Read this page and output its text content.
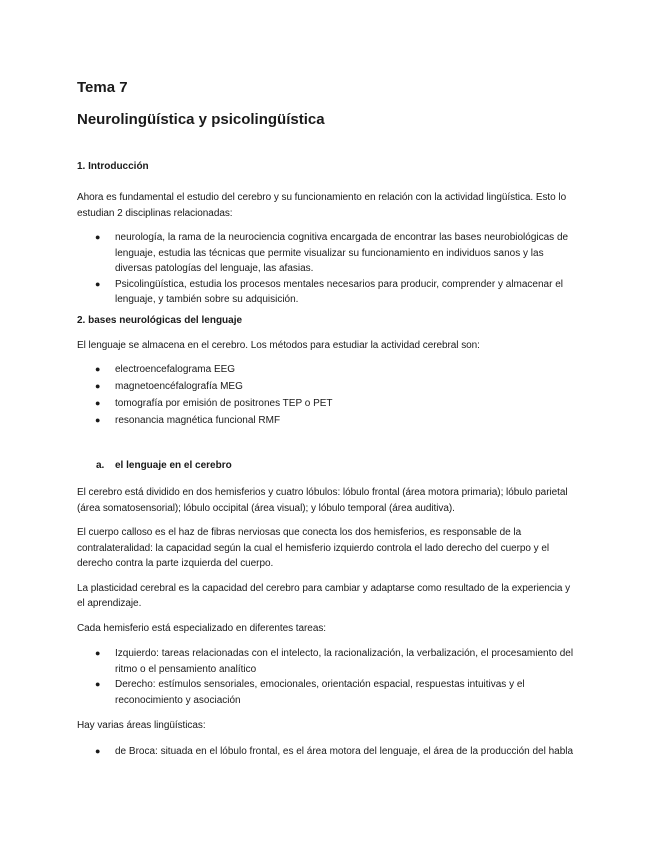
Tema 7
Neurolingüística y psicolingüística
1. Introducción

Ahora es fundamental el estudio del cerebro y su funcionamiento en relación con la actividad lingüística. Esto lo estudian 2 disciplinas relacionadas:

● neurología, la rama de la neurociencia cognitiva encargada de encontrar las bases neurobiológicas de lenguaje, estudia las técnicas que permite visualizar su funcionamiento en individuos sanos y las diversas patologías del lenguaje, las afasias.
● Psicolingüística, estudia los procesos mentales necesarios para producir, comprender y almacenar el lenguaje, y también sobre su adquisición.
2. bases neurológicas del lenguaje

El lenguaje se almacena en el cerebro. Los métodos para estudiar la actividad cerebral son:

● electroencefalograma EEG
● magnetoencéfalografía MEG
● tomografía por emisión de positrones TEP o PET
● resonancia magnética funcional RMF
a. el lenguaje en el cerebro

El cerebro está dividido en dos hemisferios y cuatro lóbulos: lóbulo frontal (área motora primaria); lóbulo parietal (área somatosensorial); lóbulo occipital (área visual); y lóbulo temporal (área auditiva).

El cuerpo calloso es el haz de fibras nerviosas que conecta los dos hemisferios, es responsable de la contralateralidad: la capacidad según la cual el hemisferio izquierdo controla el lado derecho del cuerpo y el derecho contra la parte izquierda del cuerpo.

La plasticidad cerebral es la capacidad del cerebro para cambiar y adaptarse como resultado de la experiencia y el aprendizaje.

Cada hemisferio está especializado en diferentes tareas:

● Izquierdo: tareas relacionadas con el intelecto, la racionalización, la verbalización, el procesamiento del ritmo o el pensamiento analítico
● Derecho: estímulos sensoriales, emocionales, orientación espacial, respuestas intuitivas y el reconocimiento y asociación

Hay varias áreas lingüísticas:

● de Broca: situada en el lóbulo frontal, es el área motora del lenguaje, el área de la producción del habla
